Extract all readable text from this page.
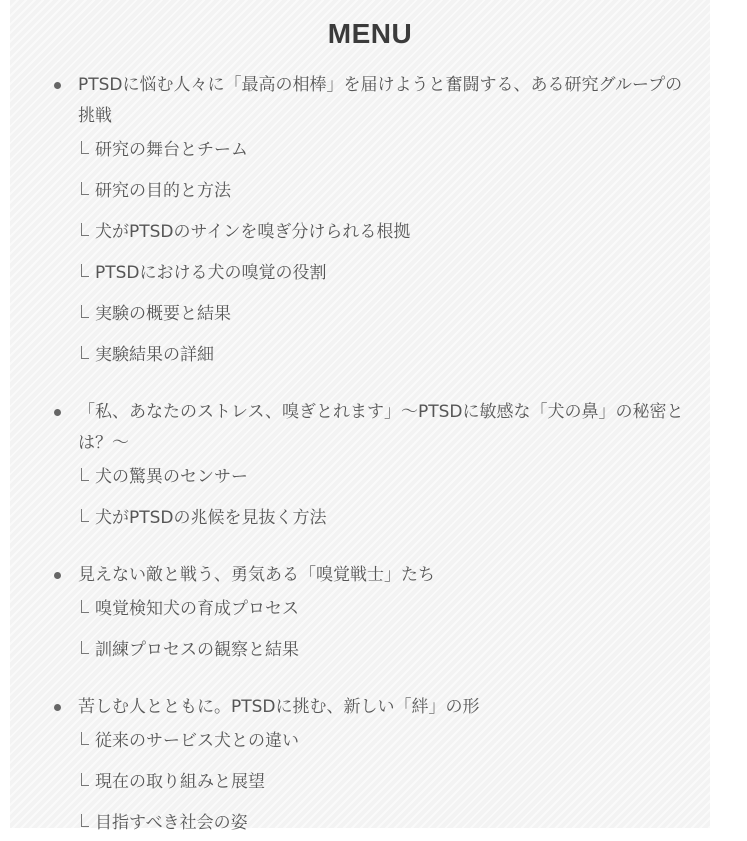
MENU
PTSDに悩む人々に「最高の相棒」を届けようと奮闘する、ある研究グループの挑戦
研究の舞台とチーム
研究の目的と方法
犬がPTSDのサインを嗅ぎ分けられる根拠
PTSDにおける犬の嗅覚の役割
実験の概要と結果
実験結果の詳細
「私、あなたのストレス、嗅ぎとれます」〜PTSDに敏感な「犬の鼻」の秘密とは？〜
犬の驚異のセンサー
犬がPTSDの兆候を見抜く方法
見えない敵と戦う、勇気ある「嗅覚戦士」たち
嗅覚検知犬の育成プロセス
訓練プロセスの観察と結果
苦しむ人とともに。PTSDに挑む、新しい「絆」の形
従来のサービス犬との違い
現在の取り組みと展望
目指すべき社会の姿
